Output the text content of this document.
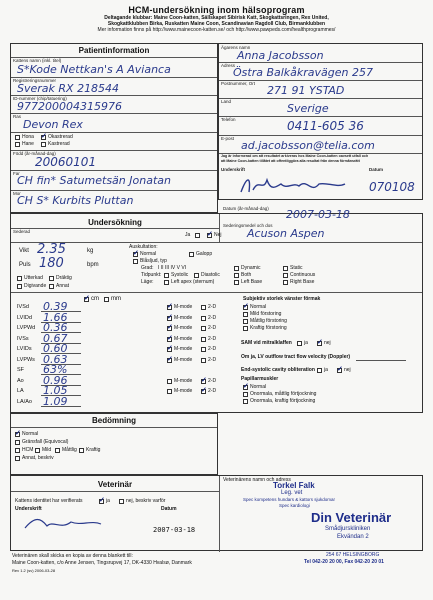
HCM-undersökning inom hälsoprogram
Deltagande klubbar: Maine Coon-katten, Sällskapet Sibirisk Katt, Skogkattsringen, Rex United,
Skogkattklubben Birka, Ruskatten Maine Coon, Scandinavian Ragdoll Club, Birmanklubben
Mer information finns på http://www.mainecoon-katten.se/ och http://www.pawpeds.com/healthprogrammes/
Patientinformation
Kattens namn (inkl. titel)
S*Kode Nettkan's A Avianca
Registreringsnummer
Sverak RX 218544
ID-nummer (chip/tatuering)
977200004315976
Ras
Devon Rex
Hona
Hane
✓
Okastrerad
Kastrerad
Född (år-månad-dag)
20060101
Far
CH fin* Satumetsän Jonatan
Mor
CH S* Kurbits Pluttan
Ägarens namn
Anna Jacobsson
Adress
Östra Balkåkravägen 257
Postnummer, Ort
271 91 YSTAD
Land
Sverige
Telefon	0411-605 36
E-post
ad.jacobsson@telia.com
Jag är informerad om att resultatet arkiveras hos Maine Coon-katten oavsett utfall och
att Maine Coon-katten tillåtet att offentliggöra alla resultat från denna förmånsrätt
Underskrift	Datum
070108
Undersökning
Datum (år-månad-dag) 2007-03-18
Sederad
Ja ✓	Nej
Sederingsmedel och dos
Acuson Aspen
Vikt 2.35	kg
Puls 180	bpm
Utterkad	Dräktig
Digivande Annat
Auskultation:
✓
Normal	Galopp
Blåsljud, typ
Grad: I II III IV V VI	Dynamic	Static
Tidpunkt: Systolic	Diastolic	Both	Continuous
Läge:	Left apex (sternum)	Left Base	Right Base
IVSd 0.39 ✓	M-mode	2-D
LVIDd 1.66 ✓	M-mode	2-D
LVPWd 0.36 ✓	M-mode	2-D
IVSs 0.67 ✓	M-mode	2-D
LVIDs 0.60 ✓	M-mode	2-D
LVPWs 0.63 ✓	M-mode	2-D
SF 63%
Ao 0.96	M-mode ✓	2-D
LA 1.05	M-mode ✓	2-D
LA/Ao 1.09
✓
cm mm	Subjektiv storlek vänster förmak
✓
Normal
Mild förstoring
Måttlig förstoring
Kraftig förstoring
SAM vid mitralklaffen ja ✓	nej
Om ja, LV outflow tract flow velocity (Doppler)
End-systolic cavity obliteration ja ✓	nej
Papillarmuskler
✓
Normal
Onormala, måttlig förtjockning
Onormala, kraftig förtjockning
Bedömning
✓
Normal
Gränsfall (Equivocal)
HCM Mild Måttlig Kraftig
Annat, beskriv
Veterinär
Kattens identitet har verifierats ✓	ja	nej, beskriv varför
Underskrift	Datum
2007-03-18
Veterinärens namn och adress
Torkel Falk
Leg. vet
Spec kompetens hundars & kattors sjukdomar
Spec kardiologi
Din Veterinär
Smådjurskliniken
Ekvändan 2
254 67 HELSINGBORG
Tel 042-20 20 00, Fax 042-20 20 01
Veterinären skall skicka en kopia av denna blankett till:
Maine Coon-katten, c/o Anne Jensen, Tingsrupvej 17, DK-4330 Hvalsø, Danmark
Rev 1.2 (sv) 2006-03-28
